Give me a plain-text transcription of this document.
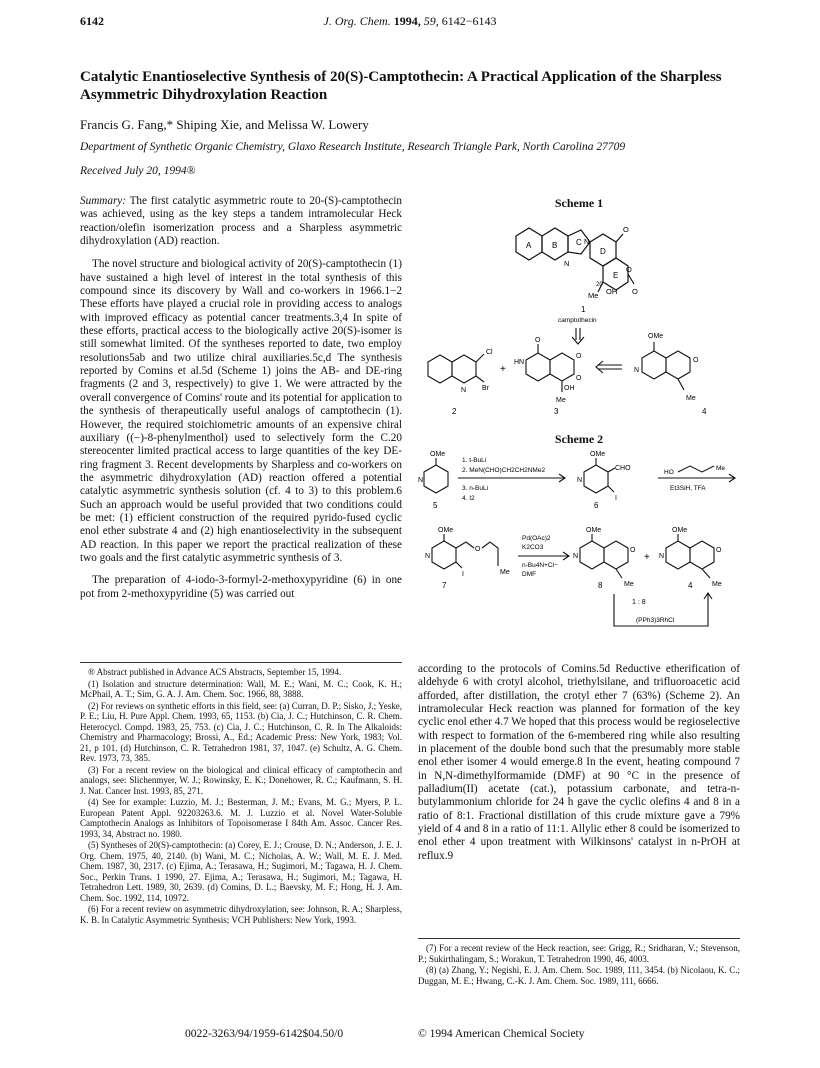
6142	J. Org. Chem. 1994, 59, 6142−6143
Catalytic Enantioselective Synthesis of 20(S)-Camptothecin: A Practical Application of the Sharpless Asymmetric Dihydroxylation Reaction
Francis G. Fang,* Shiping Xie, and Melissa W. Lowery
Department of Synthetic Organic Chemistry, Glaxo Research Institute, Research Triangle Park, North Carolina 27709
Received July 20, 1994®

Summary: The first catalytic asymmetric route to 20-(S)-camptothecin was achieved, using as the key steps a tandem intramolecular Heck reaction/olefin isomerization process and a Sharpless asymmetric dihydroxylation (AD) reaction.

The novel structure and biological activity of 20(S)-camptothecin (1) have sustained a high level of interest in the total synthesis of this compound since its discovery by Wall and co-workers in 1966.1−2 These efforts have played a crucial role in providing access to analogs with improved efficacy as potential cancer treatments.3,4 In spite of these efforts, practical access to the biologically active 20(S)-isomer is still somewhat limited. Of the syntheses reported to date, two employ resolutions5ab and two utilize chiral auxiliaries.5c,d The synthesis reported by Comins et al.5d (Scheme 1) joins the AB- and DE-ring fragments (2 and 3, respectively) to give 1. We were attracted by the overall convergence of Comins' route and its potential for application to the synthesis of therapeutically useful analogs of camptothecin (1). However, the required stoichiometric amounts of an expensive chiral auxiliary ((−)-8-phenylmenthol) used to selectively form the C.20 stereocenter limited practical access to large quantities of the key DE-ring fragment 3. Recent developments by Sharpless and co-workers on the asymmetric dihydroxylation (AD) reaction offered a potential catalytic asymmetric synthesis solution (cf. 4 to 3) to this problem.6 Such an approach would be useful provided that two conditions could be met: (1) efficient construction of the required pyrido-fused cyclic enol ether substrate 4 and (2) high enantioselectivity in the subsequent AD reaction. In this paper we report the practical realization of these two goals and the first catalytic asymmetric synthesis of 3.

The preparation of 4-iodo-3-formyl-2-methoxypyridine (6) in one pot from 2-methoxypyridine (5) was carried out

® Abstract published in Advance ACS Abstracts, September 15, 1994.

(1) Isolation and structure determination: Wall, M. E.; Wani, M. C.; Cook, K. H.; McPhail, A. T.; Sim, G. A. J. Am. Chem. Soc. 1966, 88, 3888.

(2) For reviews on synthetic efforts in this field, see: (a) Curran, D. P.; Sisko, J.; Yeske, P. E.; Liu, H. Pure Appl. Chem. 1993, 65, 1153. (b) Cia, J. C.; Hutchinson, C. R. Chem. Heterocycl. Compd. 1983, 25, 753. (c) Cia, J. C.; Hutchinson, C. R. In The Alkaloids: Chemistry and Pharmacology; Brossi, A., Ed.; Academic Press: New York, 1983; Vol. 21, p 101. (d) Hutchinson, C. R. Tetrahedron 1981, 37, 1047. (e) Schultz, A. G. Chem. Rev. 1973, 73, 385.

(3) For a recent review on the biological and clinical efficacy of camptothecin and analogs, see: Slichenmyer, W. J.; Rowinsky, E. K.; Donehower, R. C.; Kaufmann, S. H. J. Nat. Cancer Inst. 1993, 85, 271.

(4) See for example: Luzzio, M. J.; Besterman, J. M.; Evans, M. G.; Myers, P. L. European Patent Appl. 92203263.6. M. J. Luzzio et al. Novel Water-Soluble Camptothecin Analogs as Inhibitors of Topoisomerase I 84th Am. Assoc. Cancer Res. 1993, 34, Abstract no. 1980.

(5) Syntheses of 20(S)-camptothecin: (a) Corey, E. J.; Crouse, D. N.; Anderson, J. E. J. Org. Chem. 1975, 40, 2140. (b) Wani, M. C.; Nicholas, A. W.; Wall, M. E. J. Med. Chem. 1987, 30, 2317. (c) Ejima, A.; Terasawa, H.; Sugimori, M.; Tagawa, H. J. Chem. Soc., Perkin Trans. 1 1990, 27. Ejima, A.; Terasawa, H.; Sugimori, M.; Tagawa, H. Tetrahedron Lett. 1989, 30, 2639. (d) Comins, D. L.; Baevsky, M. F.; Hong, H. J. Am. Chem. Soc. 1992, 114, 10972.

(6) For a recent review on asymmetric dihydroxylation, see: Johnson, R. A.; Sharpless, K. B. In Catalytic Asymmetric Synthesis; VCH Publishers: New York, 1993.

Scheme 1
A	B C
D
E
N
N
O
O
O
OH
Me
20
1
camptothecin
Br
Cl
N
+
HN
O
O
O
OH
Me
OMe
N
O
Me
2	3	4
Scheme 2
OMe
N
5
1. t-BuLi
2. MeN(CHO)CH2CH2NMe2
3. n-BuLi
4. I2
OMe
N
CHO
I
6
HO
Me
Et3SiH, TFA
OMe
N
O
I	Me
7
Pd(OAc)2
K2CO3
n-Bu4N+Cl−
DMF
OMe
N
O
Me
8
+
OMe
N
O
Me
4
1 : 8
(PPh3)3RhCl

according to the protocols of Comins.5d Reductive etherification of aldehyde 6 with crotyl alcohol, triethylsilane, and trifluoroacetic acid afforded, after distillation, the crotyl ether 7 (63%) (Scheme 2). An intramolecular Heck reaction was planned for formation of the key cyclic enol ether 4.7 We hoped that this process would be regioselective with respect to formation of the 6-membered ring while also resulting in placement of the double bond such that the presumably more stable enol ether isomer 4 would emerge.8 In the event, heating compound 7 in N,N-dimethylformamide (DMF) at 90 °C in the presence of palladium(II) acetate (cat.), potassium carbonate, and tetra-n-butylammonium chloride for 24 h gave the cyclic olefins 4 and 8 in a ratio of 8:1. Fractional distillation of this crude mixture gave a 79% yield of 4 and 8 in a ratio of 11:1. Allylic ether 8 could be isomerized to enol ether 4 upon treatment with Wilkinsons' catalyst in n-PrOH at reflux.9

(7) For a recent review of the Heck reaction, see: Grigg, R.; Sridharan, V.; Stevenson, P.; Sukirthalingam, S.; Worakun, T. Tetrahedron 1990, 46, 4003.

(8) (a) Zhang, Y.; Negishi, E. J. Am. Chem. Soc. 1989, 111, 3454. (b) Nicolaou, K. C.; Duggan, M. E.; Hwang, C.-K. J. Am. Chem. Soc. 1989, 111, 6666.

0022-3263/94/1959-6142$04.50/0	© 1994 American Chemical Society
